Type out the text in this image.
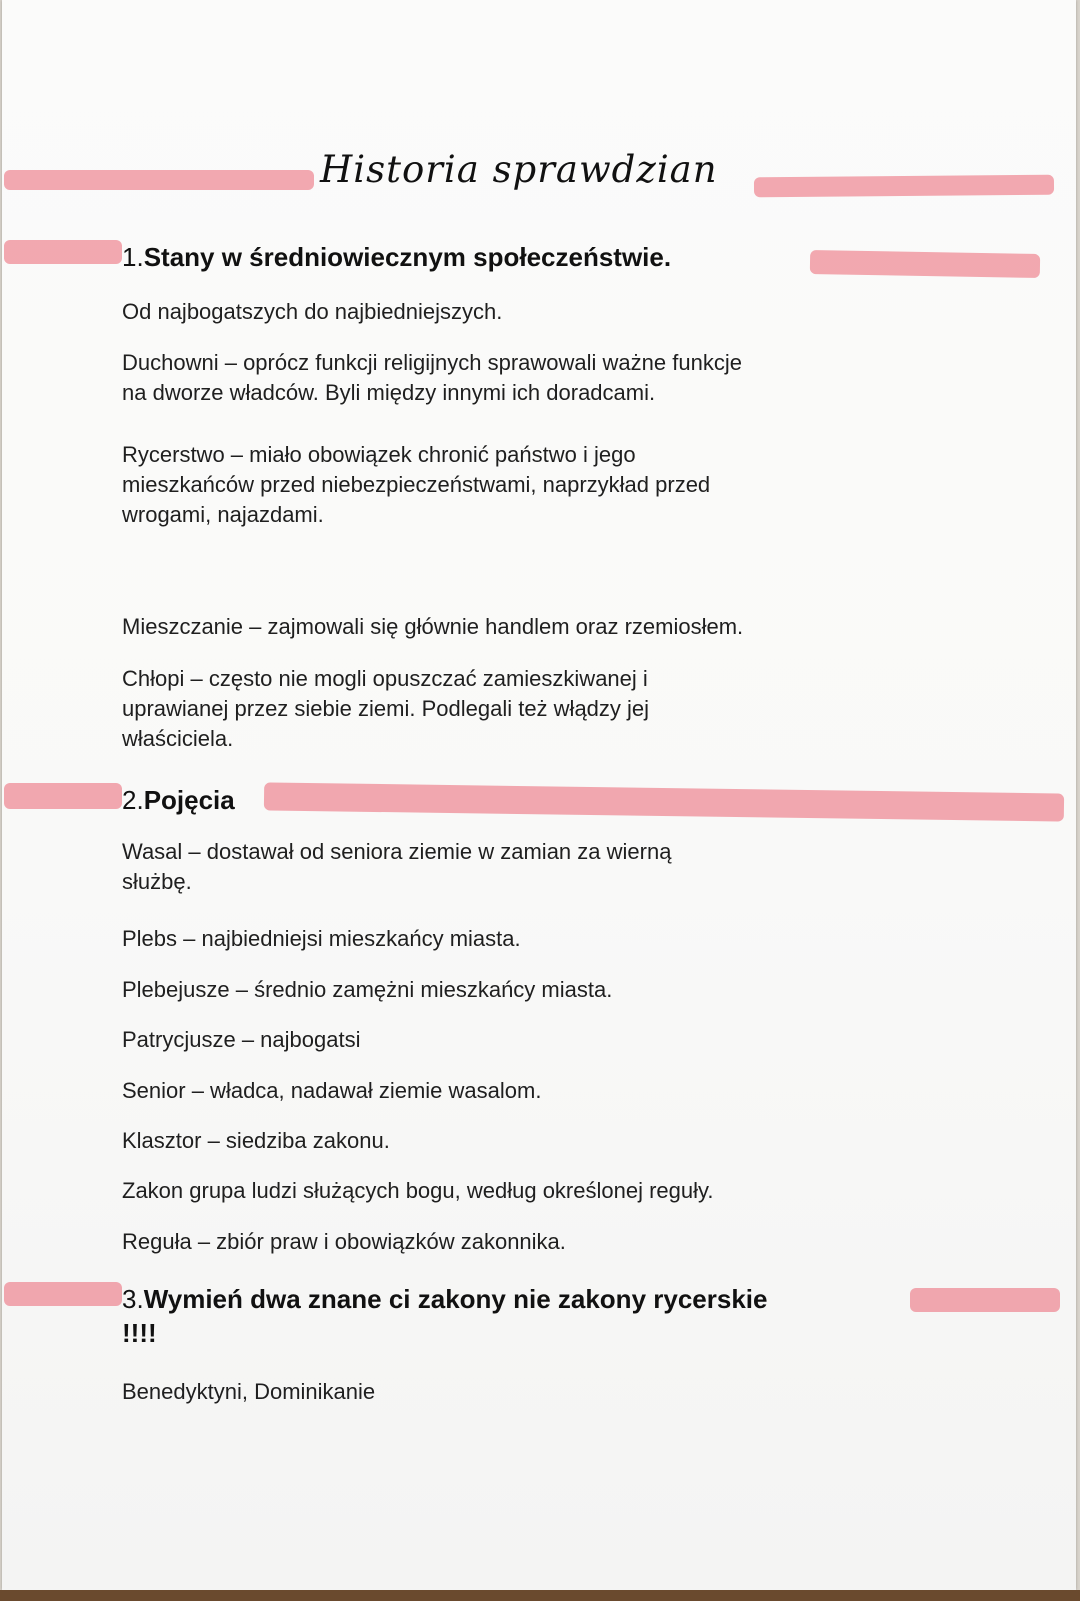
Historia sprawdzian
1.Stany w średniowiecznym społeczeństwie.
Od najbogatszych do najbiedniejszych.
Duchowni – oprócz funkcji religijnych sprawowali ważne funkcje
na dworze władców. Byli między innymi ich doradcami.
Rycerstwo – miało obowiązek chronić państwo i jego
mieszkańców przed niebezpieczeństwami, naprzykład przed
wrogami, najazdami.
Mieszczanie – zajmowali się głównie handlem oraz rzemiosłem.
Chłopi – często nie mogli opuszczać zamieszkiwanej i
uprawianej przez siebie ziemi. Podlegali też włądzy jej
właściciela.
2.Pojęcia
Wasal – dostawał od seniora ziemie w zamian za wierną
służbę.
Plebs – najbiedniejsi mieszkańcy miasta.
Plebejusze – średnio zamężni mieszkańcy miasta.
Patrycjusze – najbogatsi
Senior – władca, nadawał ziemie wasalom.
Klasztor – siedziba zakonu.
Zakon grupa ludzi służących bogu, według określonej reguły.
Reguła – zbiór praw i obowiązków zakonnika.
3.Wymień dwa znane ci zakony nie zakony rycerskie
!!!!
Benedyktyni, Dominikanie
